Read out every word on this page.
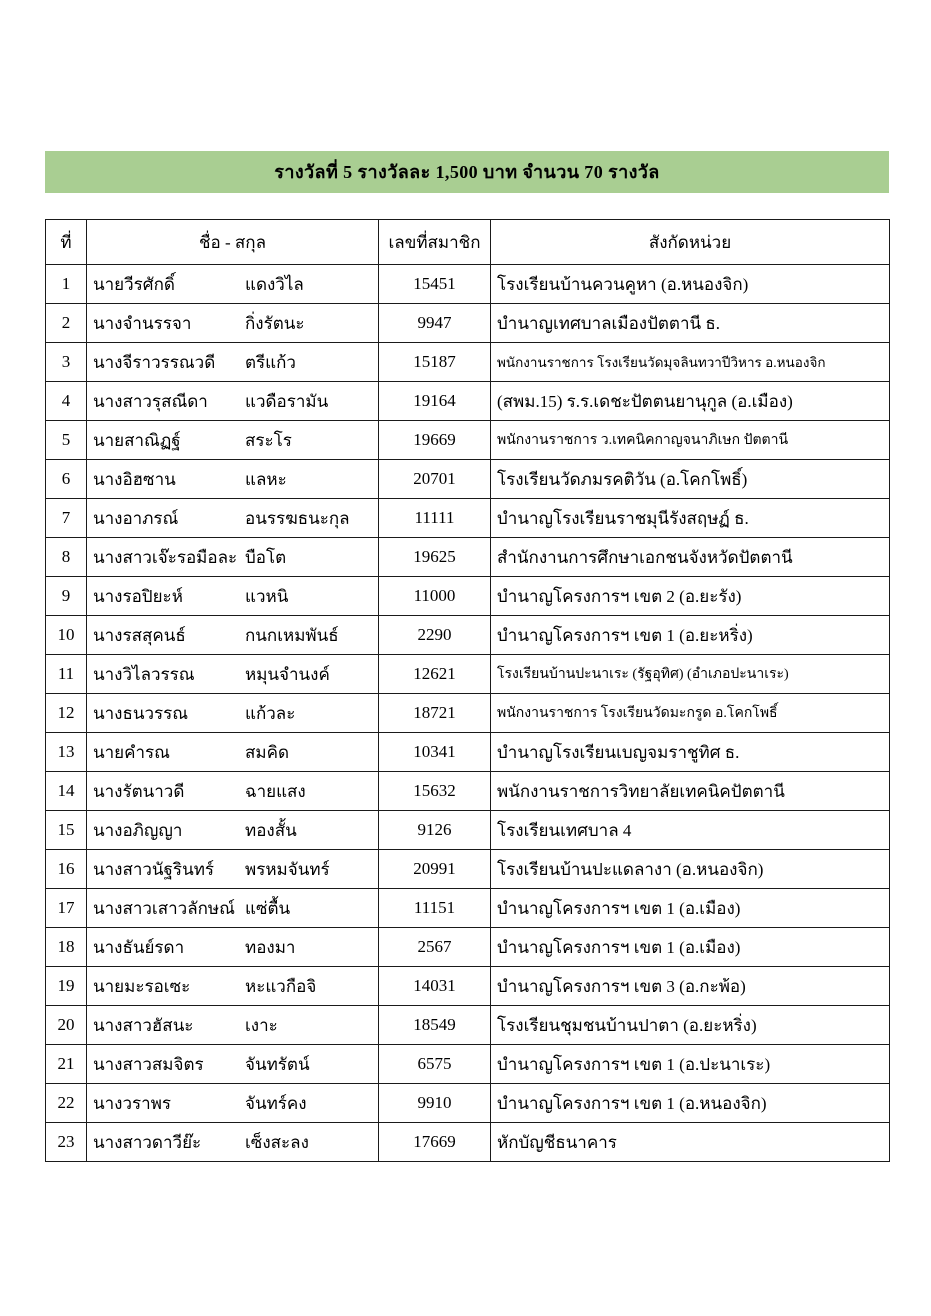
รางวัลที่ 5 รางวัลละ 1,500 บาท จำนวน 70 รางวัล
ที่	ชื่อ - สกุล	เลขที่สมาชิก	สังกัดหน่วย
1	นายวีรศักดิ์ แดงวิไล	15451	โรงเรียนบ้านควนคูหา (อ.หนองจิก)
2	นางจำนรรจา กิ่งรัตนะ	9947	บำนาญเทศบาลเมืองปัตตานี ธ.
3	นางจีราวรรณวดี ตรีแก้ว	15187	พนักงานราชการ โรงเรียนวัดมุจลินทวาปีวิหาร อ.หนองจิก
4	นางสาวรุสณีดา แวดือรามัน	19164	(สพม.15) ร.ร.เดชะปัตตนยานุกูล (อ.เมือง)
5	นายสาณิฏฐ์ สระโร	19669	พนักงานราชการ ว.เทคนิคกาญจนาภิเษก ปัตตานี
6	นางอิฮซาน แลหะ	20701	โรงเรียนวัดภมรคติวัน (อ.โคกโพธิ์)
7	นางอาภรณ์ อนรรฆธนะกุล	11111	บำนาญโรงเรียนราชมุนีรังสฤษฏ์ ธ.
8	นางสาวเจ๊ะรอมือละ บือโต	19625	สำนักงานการศึกษาเอกชนจังหวัดปัตตานี
9	นางรอปิยะห์ แวหนิ	11000	บำนาญโครงการฯ เขต 2 (อ.ยะรัง)
10	นางรสสุคนธ์ กนกเหมพันธ์	2290	บำนาญโครงการฯ เขต 1 (อ.ยะหริ่ง)
11	นางวิไลวรรณ หมุนจำนงค์	12621	โรงเรียนบ้านปะนาเระ (รัฐอุทิศ) (อำเภอปะนาเระ)
12	นางธนวรรณ แก้วละ	18721	พนักงานราชการ โรงเรียนวัดมะกรูด อ.โคกโพธิ์
13	นายคำรณ สมคิด	10341	บำนาญโรงเรียนเบญจมราชูทิศ ธ.
14	นางรัตนาวดี ฉายแสง	15632	พนักงานราชการวิทยาลัยเทคนิคปัตตานี
15	นางอภิญญา ทองสั้น	9126	โรงเรียนเทศบาล 4
16	นางสาวนัฐรินทร์ พรหมจันทร์	20991	โรงเรียนบ้านปะแดลางา (อ.หนองจิก)
17	นางสาวเสาวลักษณ์ แซ่ตื้น	11151	บำนาญโครงการฯ เขต 1 (อ.เมือง)
18	นางธันย์รดา ทองมา	2567	บำนาญโครงการฯ เขต 1 (อ.เมือง)
19	นายมะรอเซะ หะแวกือจิ	14031	บำนาญโครงการฯ เขต 3 (อ.กะพ้อ)
20	นางสาวฮัสนะ เงาะ	18549	โรงเรียนชุมชนบ้านปาตา (อ.ยะหริ่ง)
21	นางสาวสมจิตร จันทรัตน์	6575	บำนาญโครงการฯ เขต 1 (อ.ปะนาเระ)
22	นางวราพร จันทร์คง	9910	บำนาญโครงการฯ เขต 1 (อ.หนองจิก)
23	นางสาวดาวีย๊ะ เซ็งสะลง	17669	หักบัญชีธนาคาร
